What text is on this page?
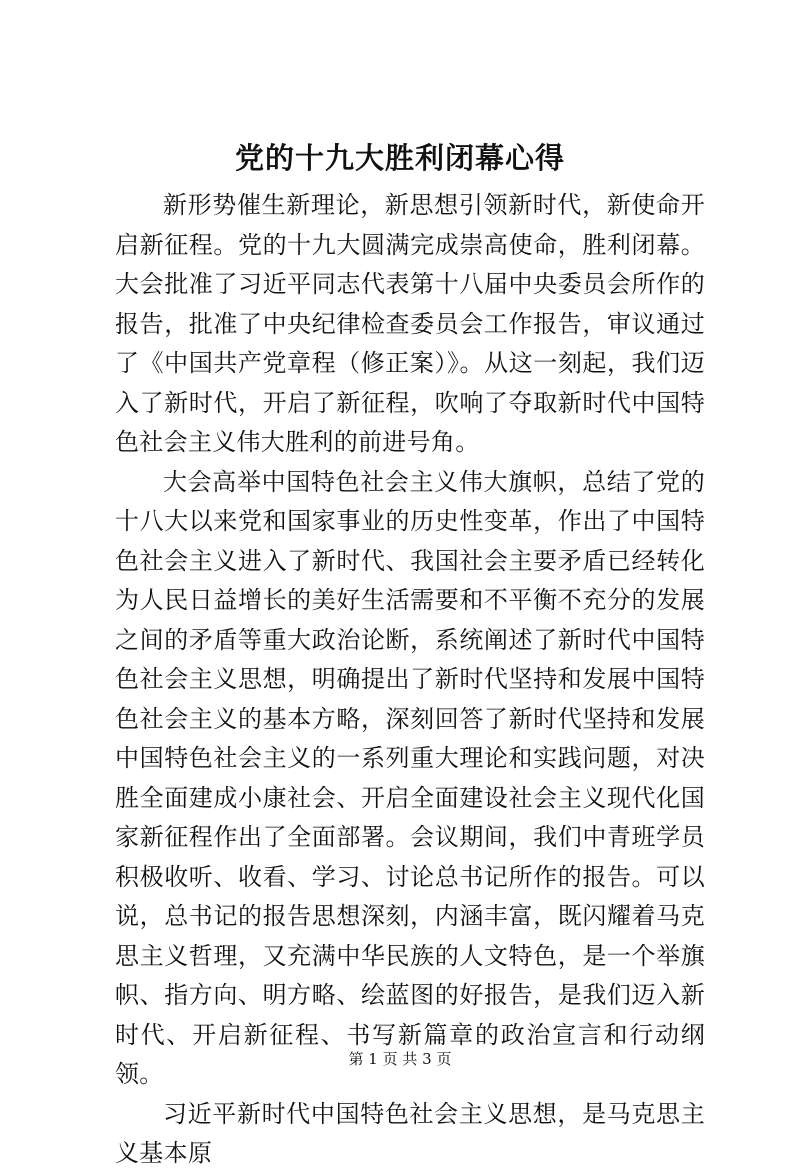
党的十九大胜利闭幕心得

新形势催生新理论，新思想引领新时代，新使命开启新征程。党的十九大圆满完成崇高使命，胜利闭幕。大会批准了习近平同志代表第十八届中央委员会所作的报告，批准了中央纪律检查委员会工作报告，审议通过了《中国共产党章程（修正案）》。从这一刻起，我们迈入了新时代，开启了新征程，吹响了夺取新时代中国特色社会主义伟大胜利的前进号角。

大会高举中国特色社会主义伟大旗帜，总结了党的十八大以来党和国家事业的历史性变革，作出了中国特色社会主义进入了新时代、我国社会主要矛盾已经转化为人民日益增长的美好生活需要和不平衡不充分的发展之间的矛盾等重大政治论断，系统阐述了新时代中国特色社会主义思想，明确提出了新时代坚持和发展中国特色社会主义的基本方略，深刻回答了新时代坚持和发展中国特色社会主义的一系列重大理论和实践问题，对决胜全面建成小康社会、开启全面建设社会主义现代化国家新征程作出了全面部署。会议期间，我们中青班学员积极收听、收看、学习、讨论总书记所作的报告。可以说，总书记的报告思想深刻，内涵丰富，既闪耀着马克思主义哲理，又充满中华民族的人文特色，是一个举旗帜、指方向、明方略、绘蓝图的好报告，是我们迈入新时代、开启新征程、书写新篇章的政治宣言和行动纲领。

习近平新时代中国特色社会主义思想，是马克思主义基本原

第 1 页 共 3 页
